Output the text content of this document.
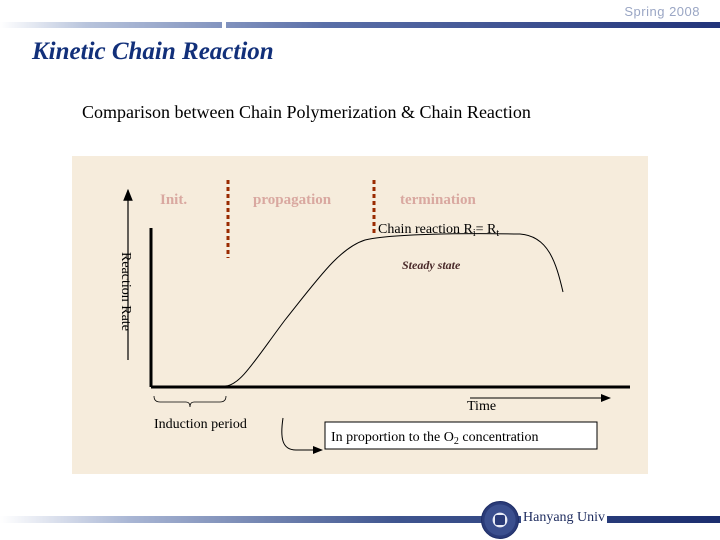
Spring 2008
Kinetic Chain Reaction
Comparison between Chain Polymerization & Chain Reaction
Init.	propagation	termination
Chain reaction $R_i= R_t$
Steady state
Reaction Rate
Time
Induction period
In proportion to the $O_2$ concentration
Hanyang Univ
